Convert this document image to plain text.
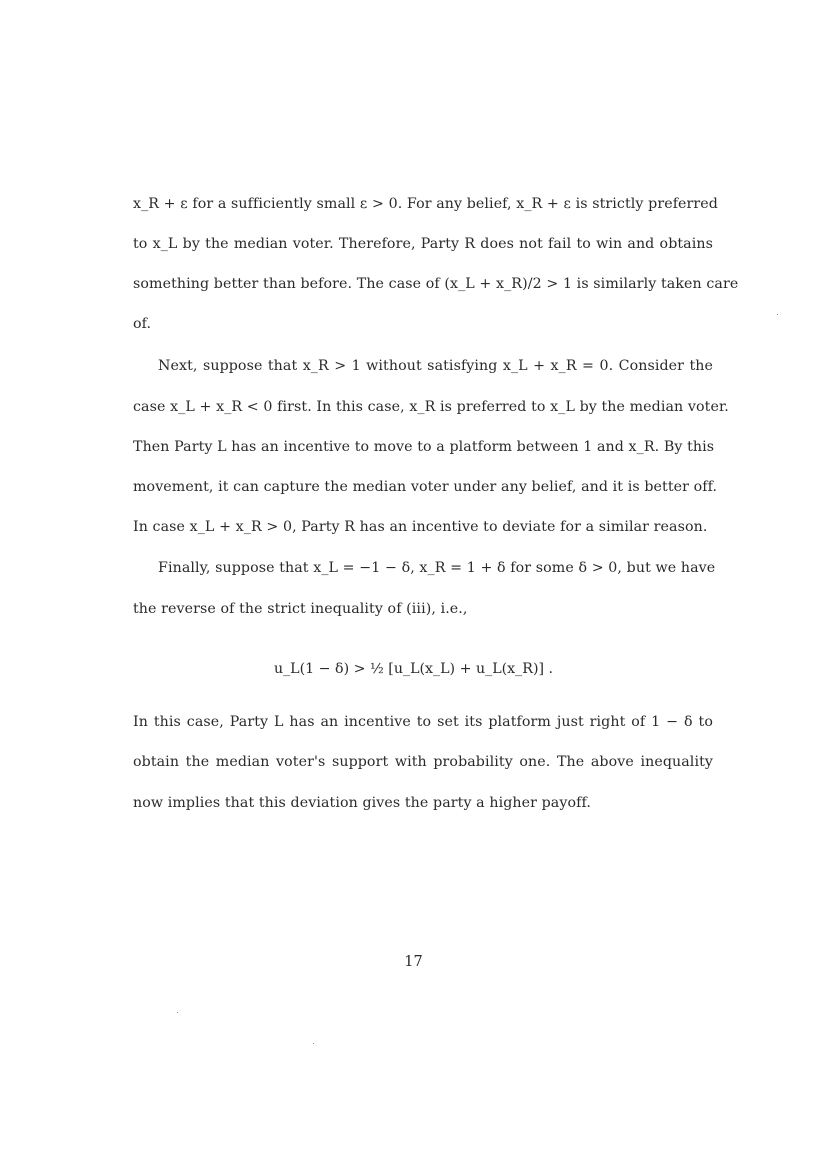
x_R + ε for a sufficiently small ε > 0. For any belief, x_R + ε is strictly preferred
to x_L by the median voter. Therefore, Party R does not fail to win and obtains
something better than before. The case of (x_L + x_R)/2 > 1 is similarly taken care
of.
Next, suppose that x_R > 1 without satisfying x_L + x_R = 0. Consider the
case x_L + x_R < 0 first. In this case, x_R is preferred to x_L by the median voter.
Then Party L has an incentive to move to a platform between 1 and x_R. By this
movement, it can capture the median voter under any belief, and it is better off.
In case x_L + x_R > 0, Party R has an incentive to deviate for a similar reason.
Finally, suppose that x_L = −1 − δ, x_R = 1 + δ for some δ > 0, but we have
the reverse of the strict inequality of (iii), i.e.,
u_L(1 − δ) > ½ [u_L(x_L) + u_L(x_R)] .
In this case, Party L has an incentive to set its platform just right of 1 − δ to
obtain the median voter's support with probability one. The above inequality
now implies that this deviation gives the party a higher payoff.
17
